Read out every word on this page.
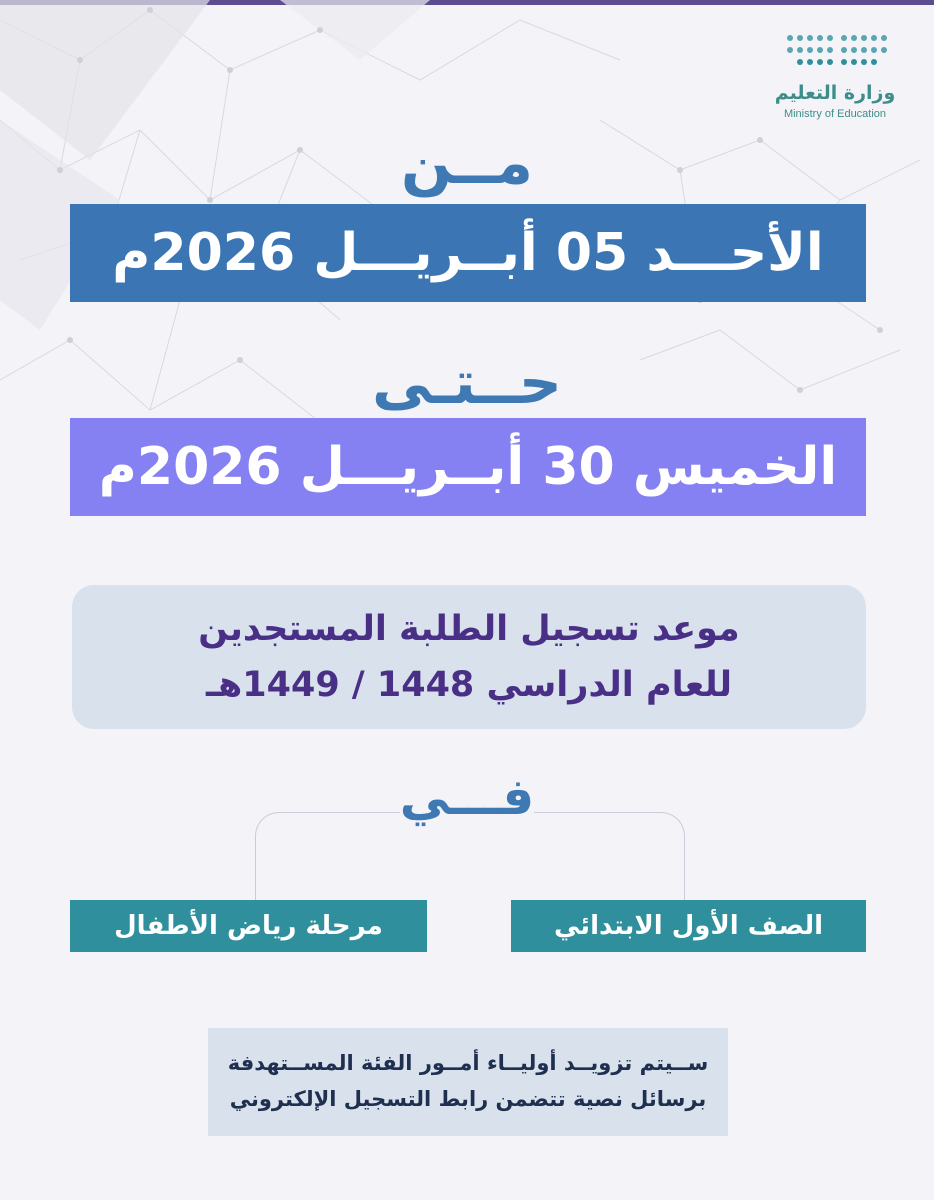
وزارة التعليم
Ministry of Education
مــن
الأحـــد 05 أبــريـــل 2026م
حــتـى
الخميس 30 أبــريـــل 2026م
موعد تسجيل الطلبة المستجدين
للعام الدراسي 1448 / 1449هـ
فـــي
الصف الأول الابتدائي
مرحلة رياض الأطفال
ســيتم تزويــد أوليــاء أمــور الفئة المســتهدفة
برسائل نصية تتضمن رابط التسجيل الإلكتروني
